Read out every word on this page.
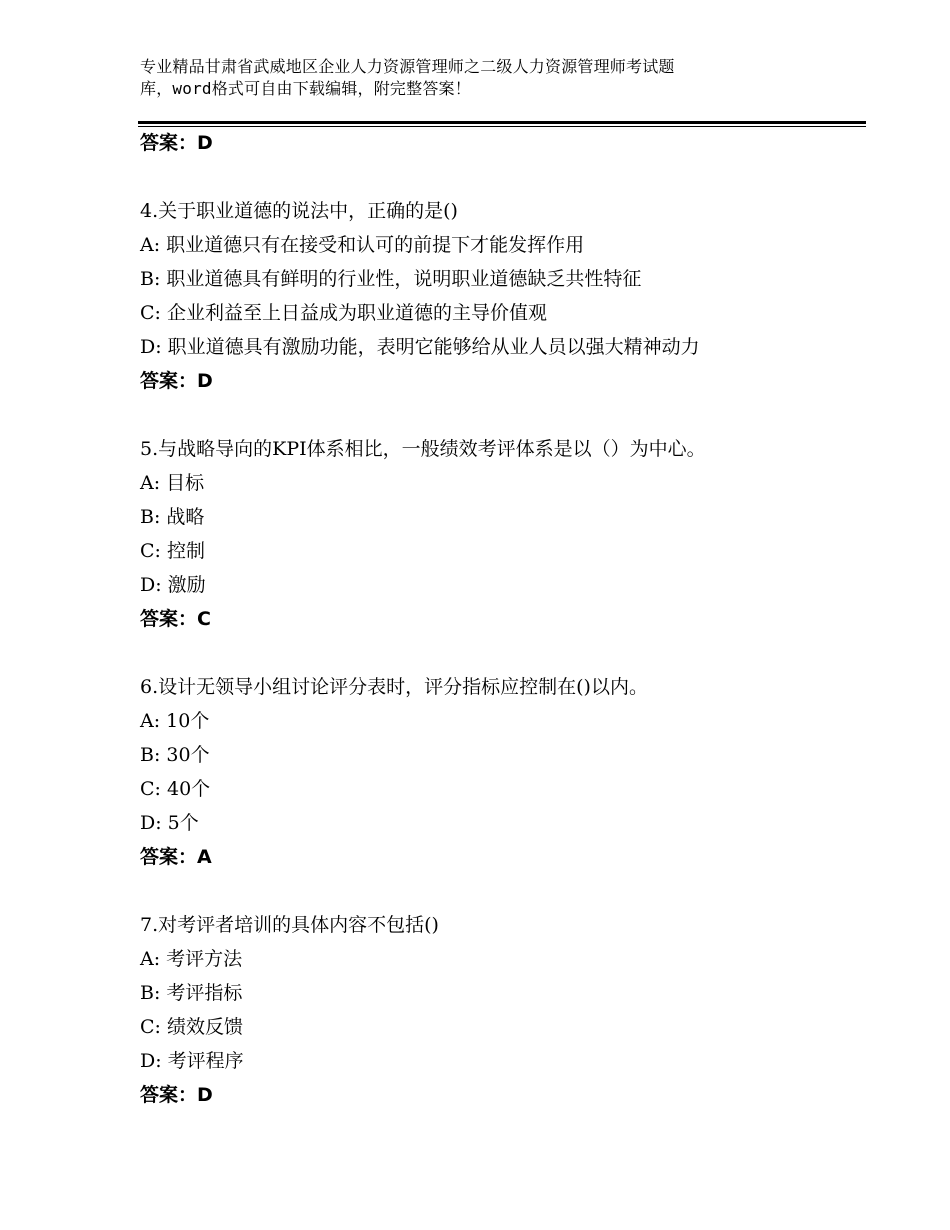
专业精品甘肃省武威地区企业人力资源管理师之二级人力资源管理师考试题
库，word格式可自由下载编辑，附完整答案！
答案：D
4.关于职业道德的说法中，正确的是()
A: 职业道德只有在接受和认可的前提下才能发挥作用
B: 职业道德具有鲜明的行业性，说明职业道德缺乏共性特征
C: 企业利益至上日益成为职业道德的主导价值观
D: 职业道德具有激励功能，表明它能够给从业人员以强大精神动力
答案：D
5.与战略导向的KPI体系相比，一般绩效考评体系是以（）为中心。
A: 目标
B: 战略
C: 控制
D: 激励
答案：C
6.设计无领导小组讨论评分表时，评分指标应控制在()以内。
A: 10个
B: 30个
C: 40个
D: 5个
答案：A
7.对考评者培训的具体内容不包括()
A: 考评方法
B: 考评指标
C: 绩效反馈
D: 考评程序
答案：D
